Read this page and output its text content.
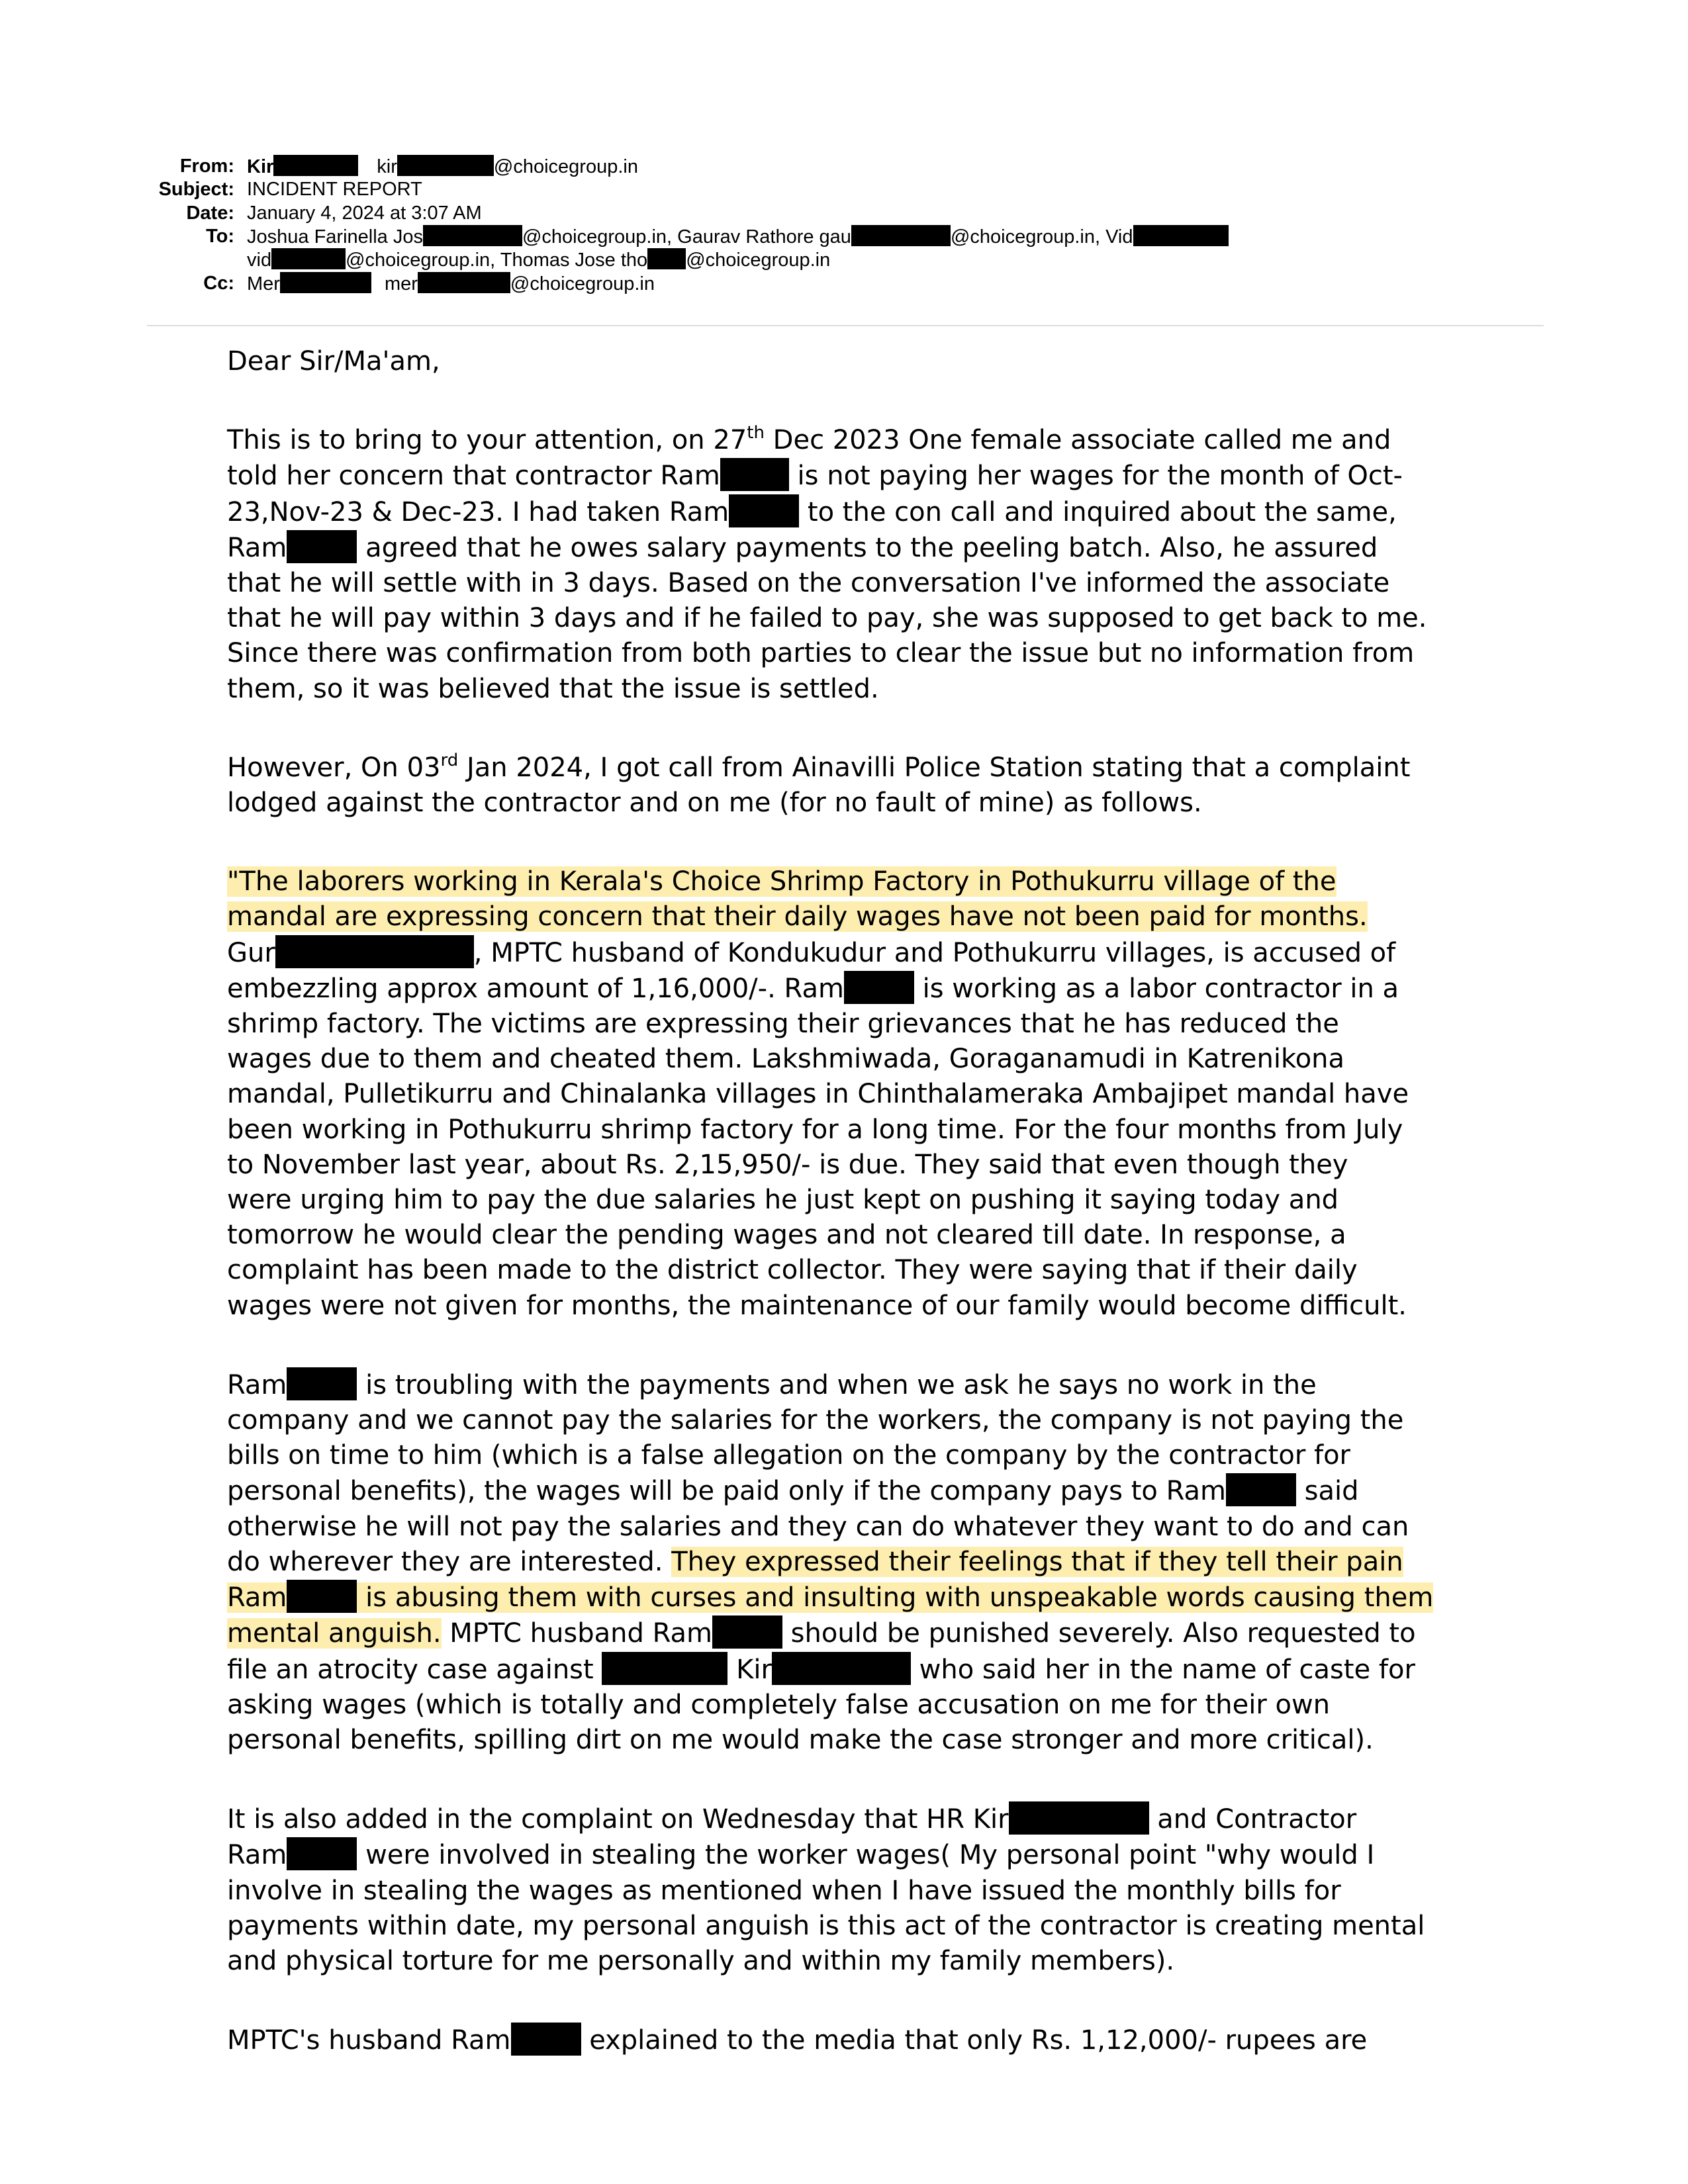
From: Kir	kir	@choicegroup.in
Subject: INCIDENT REPORT
Date: January 4, 2024 at 3:07 AM
To: Joshua Farinella Jos	@choicegroup.in, Gaurav Rathore gau	@choicegroup.in, Vid
vid	@choicegroup.in, Thomas Jose tho @choicegroup.in
Cc: Mer	mer	@choicegroup.in

Dear Sir/Ma'am,

This is to bring to your attention, on 27th Dec 2023 One female associate called me and
told her concern that contractor Ram	is not paying her wages for the month of Oct-
23,Nov-23 & Dec-23. I had taken Ram	to the con call and inquired about the same,
Ram	agreed that he owes salary payments to the peeling batch. Also, he assured
that he will settle with in 3 days. Based on the conversation I've informed the associate
that he will pay within 3 days and if he failed to pay, she was supposed to get back to me.
Since there was confirmation from both parties to clear the issue but no information from
them, so it was believed that the issue is settled.

However, On 03rd Jan 2024, I got call from Ainavilli Police Station stating that a complaint
lodged against the contractor and on me (for no fault of mine) as follows.

"The laborers working in Kerala's Choice Shrimp Factory in Pothukurru village of the
mandal are expressing concern that their daily wages have not been paid for months.
Gur	, MPTC husband of Kondukudur and Pothukurru villages, is accused of
embezzling approx amount of 1,16,000/-. Ram	is working as a labor contractor in a
shrimp factory. The victims are expressing their grievances that he has reduced the
wages due to them and cheated them. Lakshmiwada, Goraganamudi in Katrenikona
mandal, Pulletikurru and Chinalanka villages in Chinthalameraka Ambajipet mandal have
been working in Pothukurru shrimp factory for a long time. For the four months from July
to November last year, about Rs. 2,15,950/- is due. They said that even though they
were urging him to pay the due salaries he just kept on pushing it saying today and
tomorrow he would clear the pending wages and not cleared till date. In response, a
complaint has been made to the district collector. They were saying that if their daily
wages were not given for months, the maintenance of our family would become difficult.

Ram	is troubling with the payments and when we ask he says no work in the
company and we cannot pay the salaries for the workers, the company is not paying the
bills on time to him (which is a false allegation on the company by the contractor for
personal benefits), the wages will be paid only if the company pays to Ram	said
otherwise he will not pay the salaries and they can do whatever they want to do and can
do wherever they are interested. They expressed their feelings that if they tell their pain
Ram	is abusing them with curses and insulting with unspeakable words causing them
mental anguish. MPTC husband Ram	should be punished severely. Also requested to
file an atrocity case against	Kir	who said her in the name of caste for
asking wages (which is totally and completely false accusation on me for their own
personal benefits, spilling dirt on me would make the case stronger and more critical).

It is also added in the complaint on Wednesday that HR Kir	and Contractor
Ram	were involved in stealing the worker wages( My personal point "why would I
involve in stealing the wages as mentioned when I have issued the monthly bills for
payments within date, my personal anguish is this act of the contractor is creating mental
and physical torture for me personally and within my family members).

MPTC's husband Ram	explained to the media that only Rs. 1,12,000/- rupees are
